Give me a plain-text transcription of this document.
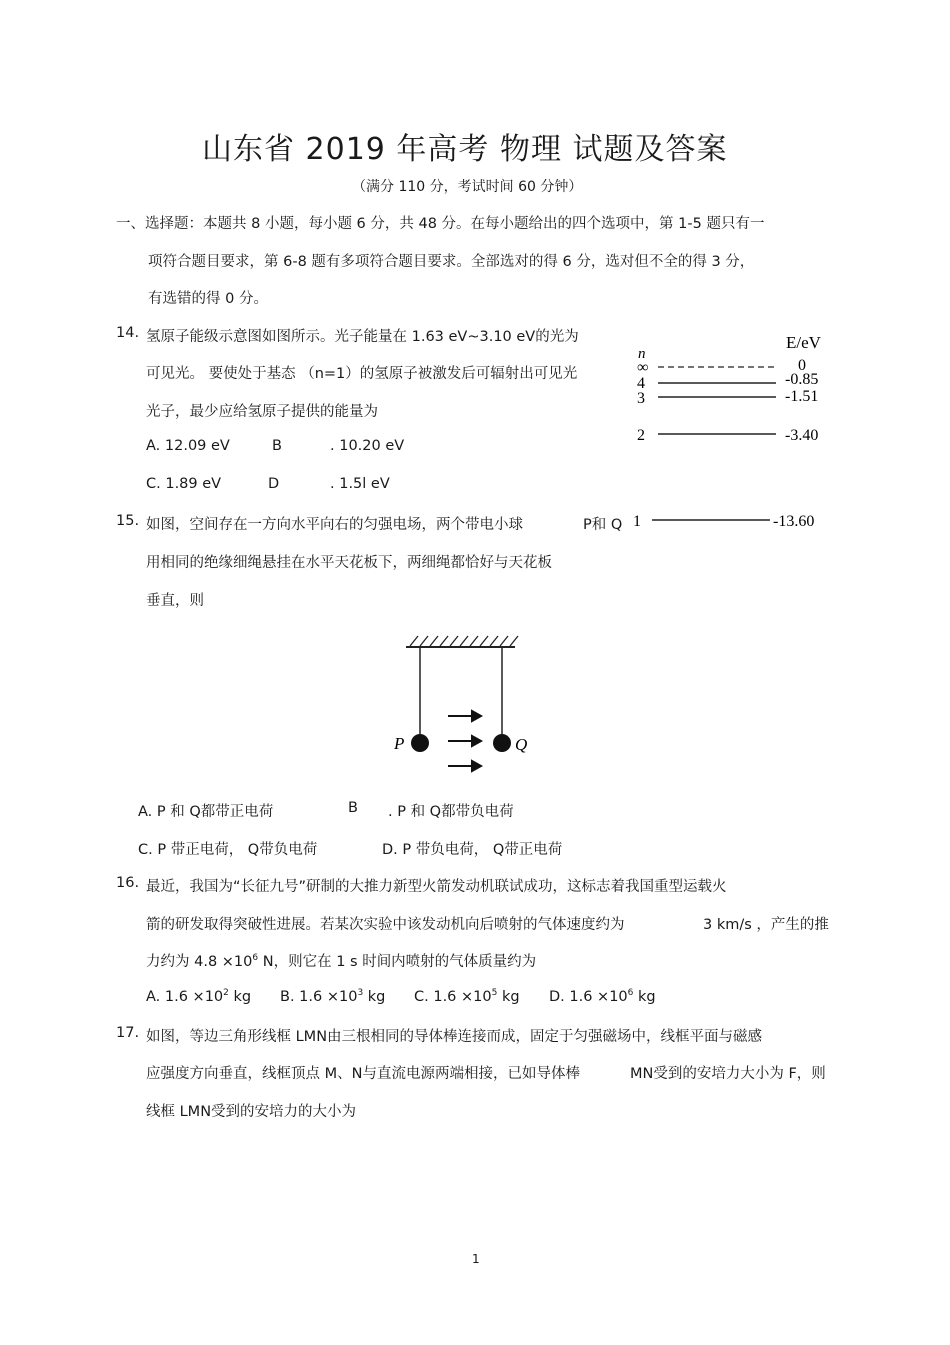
山东省 2019 年高考 物理 试题及答案
（满分 110 分，考试时间 60 分钟）
一、选择题：本题共 8 小题，每小题 6 分，共 48 分。在每小题给出的四个选项中，第 1-5 题只有一
项符合题目要求，第 6-8 题有多项符合题目要求。全部选对的得 6 分，选对但不全的得 3 分，
有选错的得 0 分。
14. 氢原子能级示意图如图所示。光子能量在 1.63 eV~3.10 eV的光为
可见光。 要使处于基态 （n=1）的氢原子被激发后可辐射出可见光
光子，最少应给氢原子提供的能量为
A. 12.09 eV	B	. 10.20 eV
C. 1.89 eV	D	. 1.5l eV
n
E/eV
∞	0
4	-0.85
3	-1.51
2	-3.40
1	-13.60
15. 如图，空间存在一方向水平向右的匀强电场，两个带电小球	P和 Q
用相同的绝缘细绳悬挂在水平天花板下，两细绳都恰好与天花板
垂直，则
P	Q
A. P 和 Q都带正电荷	B . P 和 Q都带负电荷
C. P 带正电荷， Q带负电荷	D. P 带负电荷， Q带正电荷
16. 最近，我国为“长征九号”研制的大推力新型火箭发动机联试成功，这标志着我国重型运载火
箭的研发取得突破性进展。若某次实验中该发动机向后喷射的气体速度约为	3 km/s ，产生的推
力约为 $4.8 \times 10^6$ N，则它在 1 s 时间内喷射的气体质量约为
A. $1.6 \times 10^2$ kg B. $1.6 \times 10^3$ kg C. $1.6 \times 10^5$ kg D. $1.6 \times 10^6$ kg
17. 如图，等边三角形线框 LMN由三根相同的导体棒连接而成，固定于匀强磁场中，线框平面与磁感
应强度方向垂直，线框顶点 M、N与直流电源两端相接，已如导体棒	MN受到的安培力大小为 F，则
线框 LMN受到的安培力的大小为
1
